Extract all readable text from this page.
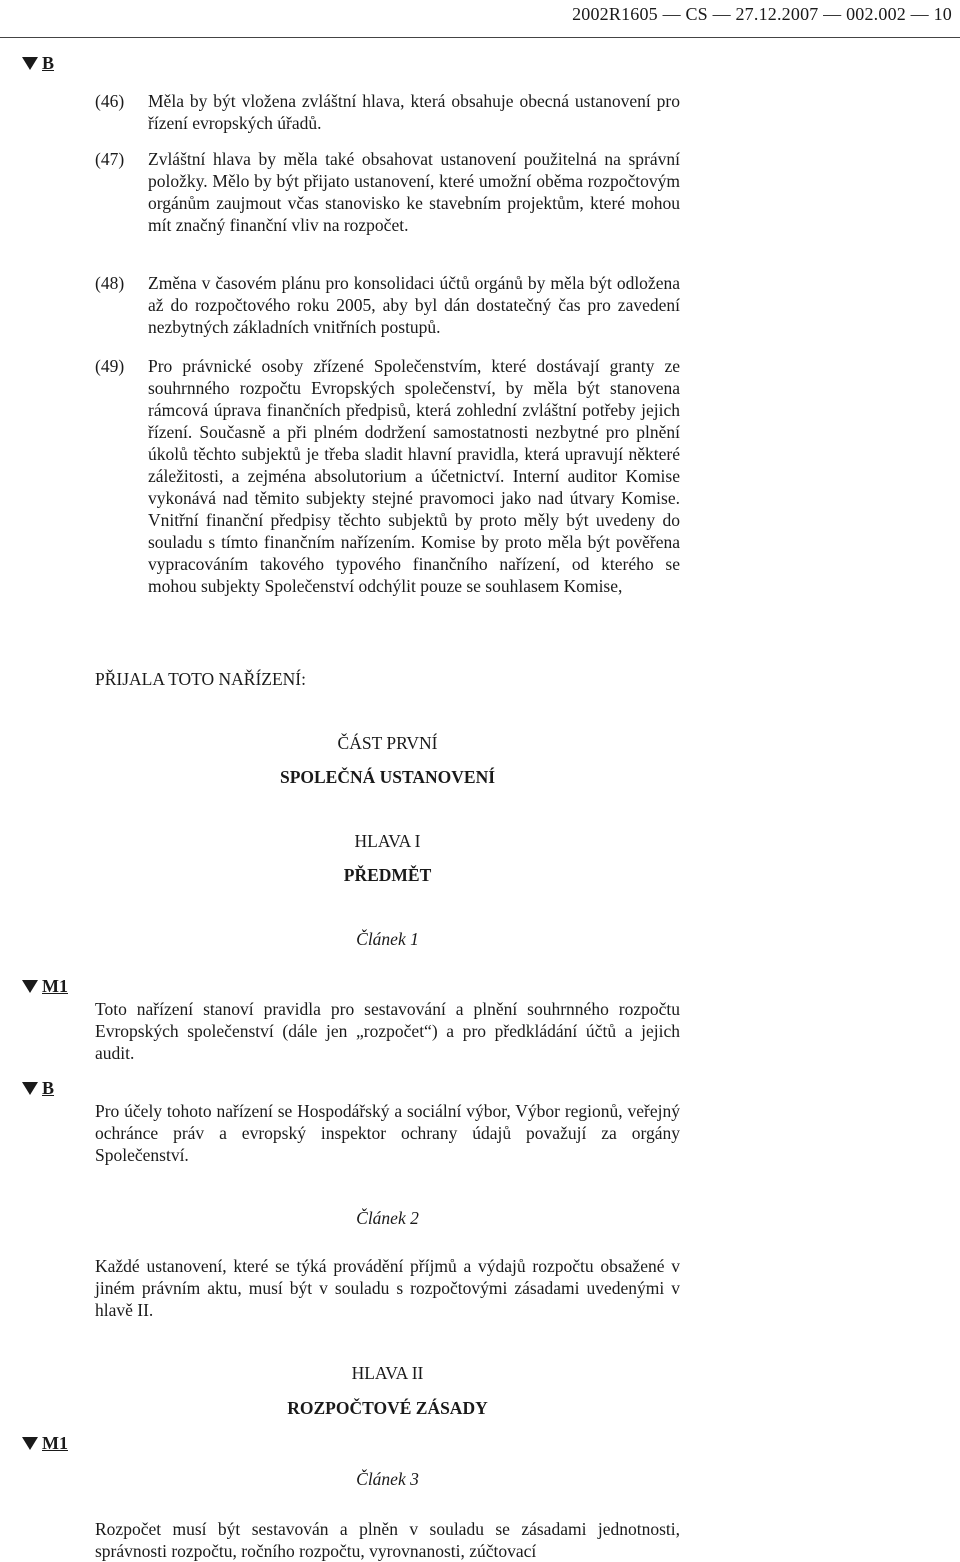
2002R1605 — CS — 27.12.2007 — 002.002 — 10
B
(46)	Měla by být vložena zvláštní hlava, která obsahuje obecná ustanovení pro řízení evropských úřadů.
(47)	Zvláštní hlava by měla také obsahovat ustanovení použitelná na správní položky. Mělo by být přijato ustanovení, které umožní oběma rozpočtovým orgánům zaujmout včas stanovisko ke stavebním projektům, které mohou mít značný finanční vliv na rozpočet.
(48)	Změna v časovém plánu pro konsolidaci účtů orgánů by měla být odložena až do rozpočtového roku 2005, aby byl dán dostatečný čas pro zavedení nezbytných základních vnitřních postupů.
(49)	Pro právnické osoby zřízené Společenstvím, které dostávají granty ze souhrnného rozpočtu Evropských společenství, by měla být stanovena rámcová úprava finančních předpisů, která zohlední zvláštní potřeby jejich řízení. Současně a při plném dodržení samostatnosti nezbytné pro plnění úkolů těchto subjektů je třeba sladit hlavní pravidla, která upravují některé záležitosti, a zejména absolutorium a účetnictví. Interní auditor Komise vykonává nad těmito subjekty stejné pravomoci jako nad útvary Komise. Vnitřní finanční předpisy těchto subjektů by proto měly být uvedeny do souladu s tímto finančním nařízením. Komise by proto měla být pověřena vypracováním takového typového finančního nařízení, od kterého se mohou subjekty Společenství odchýlit pouze se souhlasem Komise,
PŘIJALA TOTO NAŘÍZENÍ:
ČÁST PRVNÍ
SPOLEČNÁ USTANOVENÍ
HLAVA I
PŘEDMĚT
Článek 1
M1
Toto nařízení stanoví pravidla pro sestavování a plnění souhrnného rozpočtu Evropských společenství (dále jen „rozpočet“) a pro předkládání účtů a jejich audit.
B
Pro účely tohoto nařízení se Hospodářský a sociální výbor, Výbor regionů, veřejný ochránce práv a evropský inspektor ochrany údajů považují za orgány Společenství.
Článek 2
Každé ustanovení, které se týká provádění příjmů a výdajů rozpočtu obsažené v jiném právním aktu, musí být v souladu s rozpočtovými zásadami uvedenými v hlavě II.
HLAVA II
ROZPOČTOVÉ ZÁSADY
M1
Článek 3
Rozpočet musí být sestavován a plněn v souladu se zásadami jednotnosti, správnosti rozpočtu, ročního rozpočtu, vyrovnanosti, zúčtovací
